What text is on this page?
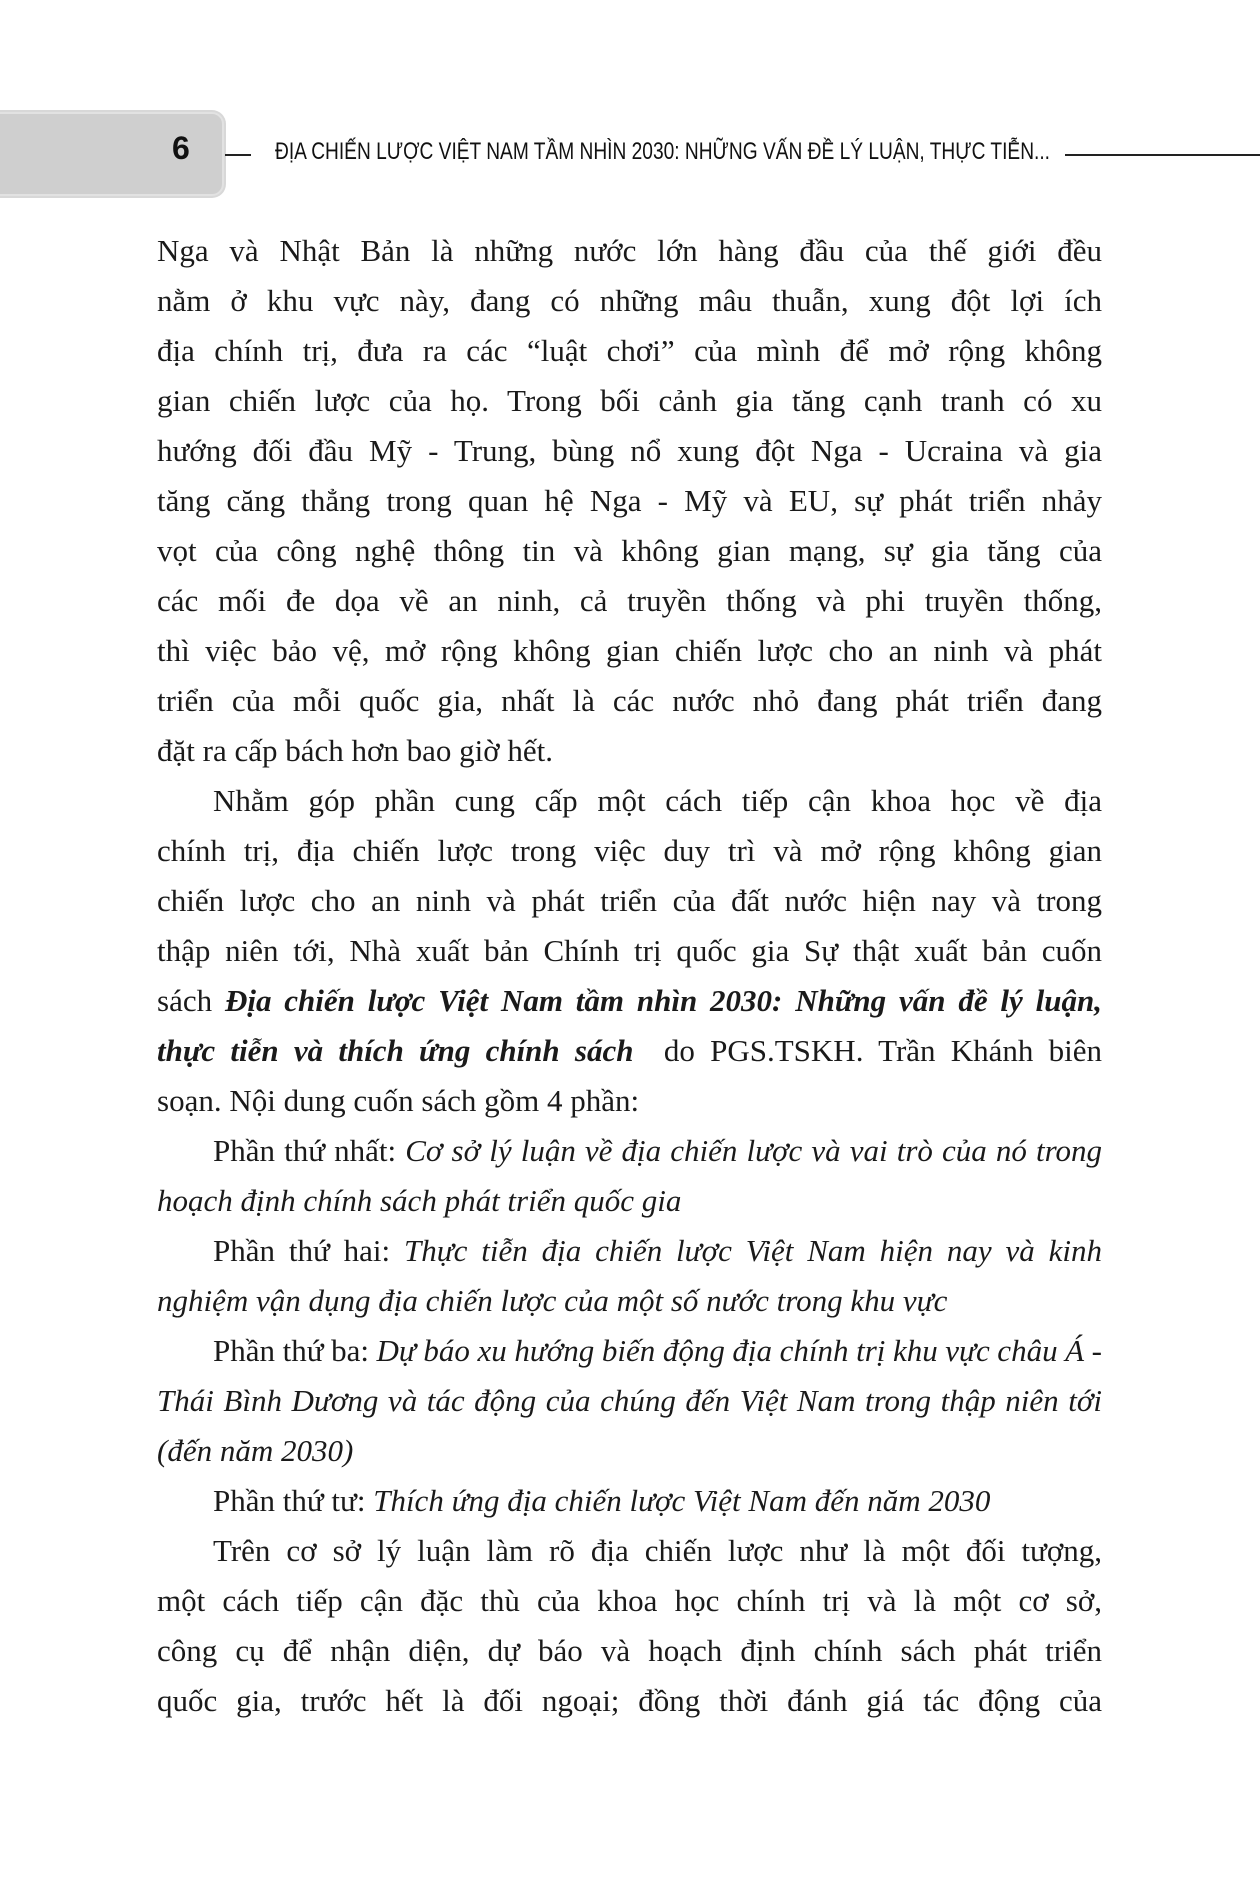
6	ĐỊA CHIẾN LƯỢC VIỆT NAM TẦM NHÌN 2030: NHỮNG VẤN ĐỀ LÝ LUẬN, THỰC TIỄN...
Nga và Nhật Bản là những nước lớn hàng đầu của thế giới đều
nằm ở khu vực này, đang có những mâu thuẫn, xung đột lợi ích
địa chính trị, đưa ra các “luật chơi” của mình để mở rộng không
gian chiến lược của họ. Trong bối cảnh gia tăng cạnh tranh có xu
hướng đối đầu Mỹ - Trung, bùng nổ xung đột Nga - Ucraina và gia
tăng căng thẳng trong quan hệ Nga - Mỹ và EU, sự phát triển nhảy
vọt của công nghệ thông tin và không gian mạng, sự gia tăng của
các mối đe dọa về an ninh, cả truyền thống và phi truyền thống,
thì việc bảo vệ, mở rộng không gian chiến lược cho an ninh và phát
triển của mỗi quốc gia, nhất là các nước nhỏ đang phát triển đang
đặt ra cấp bách hơn bao giờ hết.
Nhằm góp phần cung cấp một cách tiếp cận khoa học về địa
chính trị, địa chiến lược trong việc duy trì và mở rộng không gian
chiến lược cho an ninh và phát triển của đất nước hiện nay và trong
thập niên tới, Nhà xuất bản Chính trị quốc gia Sự thật xuất bản cuốn
sách Địa chiến lược Việt Nam tầm nhìn 2030: Những vấn đề lý luận,
thực tiễn và thích ứng chính sách  do PGS.TSKH. Trần Khánh biên
soạn. Nội dung cuốn sách gồm 4 phần:
Phần thứ nhất: Cơ sở lý luận về địa chiến lược và vai trò của nó trong
hoạch định chính sách phát triển quốc gia
Phần thứ hai: Thực tiễn địa chiến lược Việt Nam hiện nay và kinh
nghiệm vận dụng địa chiến lược của một số nước trong khu vực
Phần thứ ba: Dự báo xu hướng biến động địa chính trị khu vực châu Á -
Thái Bình Dương và tác động của chúng đến Việt Nam trong thập niên tới
(đến năm 2030)
Phần thứ tư: Thích ứng địa chiến lược Việt Nam đến năm 2030
Trên cơ sở lý luận làm rõ địa chiến lược như là một đối tượng,
một cách tiếp cận đặc thù của khoa học chính trị và là một cơ sở,
công cụ để nhận diện, dự báo và hoạch định chính sách phát triển
quốc gia, trước hết là đối ngoại; đồng thời đánh giá tác động của
